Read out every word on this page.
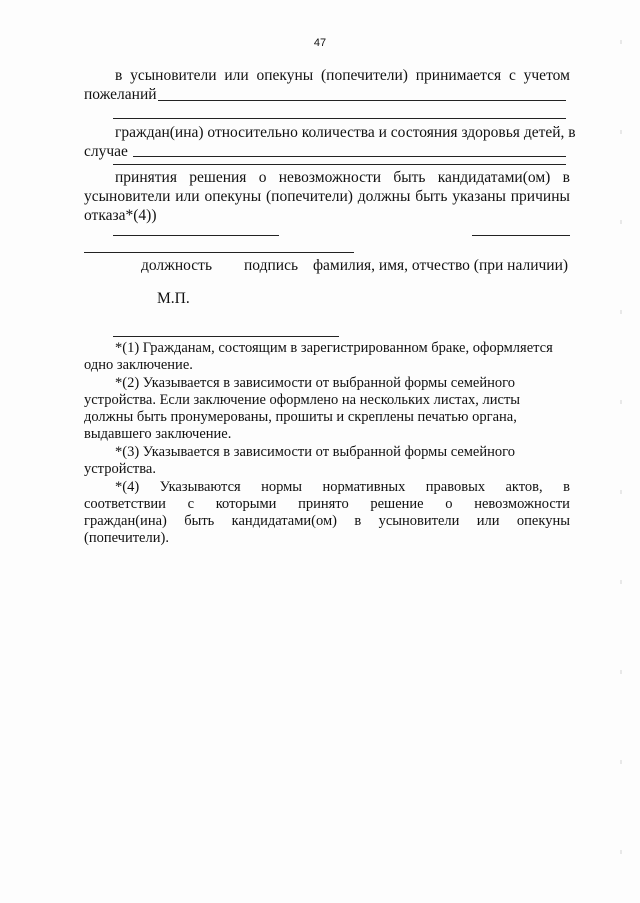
47
в усыновители или опекуны (попечители) принимается с учетом
пожеланий
граждан(ина) относительно количества и состояния здоровья детей, в
случае
принятия решения о невозможности быть кандидатами(ом) в
усыновители или опекуны (попечители) должны быть указаны причины
отказа*(4))
должность подпись фамилия, имя, отчество (при наличии)
М.П.
*(1) Гражданам, состоящим в зарегистрированном браке, оформляется
одно заключение.
*(2) Указывается в зависимости от выбранной формы семейного
устройства. Если заключение оформлено на нескольких листах, листы
должны быть пронумерованы, прошиты и скреплены печатью органа,
выдавшего заключение.
*(3) Указывается в зависимости от выбранной формы семейного
устройства.
*(4) Указываются нормы нормативных правовых актов, в
соответствии с которыми принято решение о невозможности
граждан(ина) быть кандидатами(ом) в усыновители или опекуны
(попечители).
